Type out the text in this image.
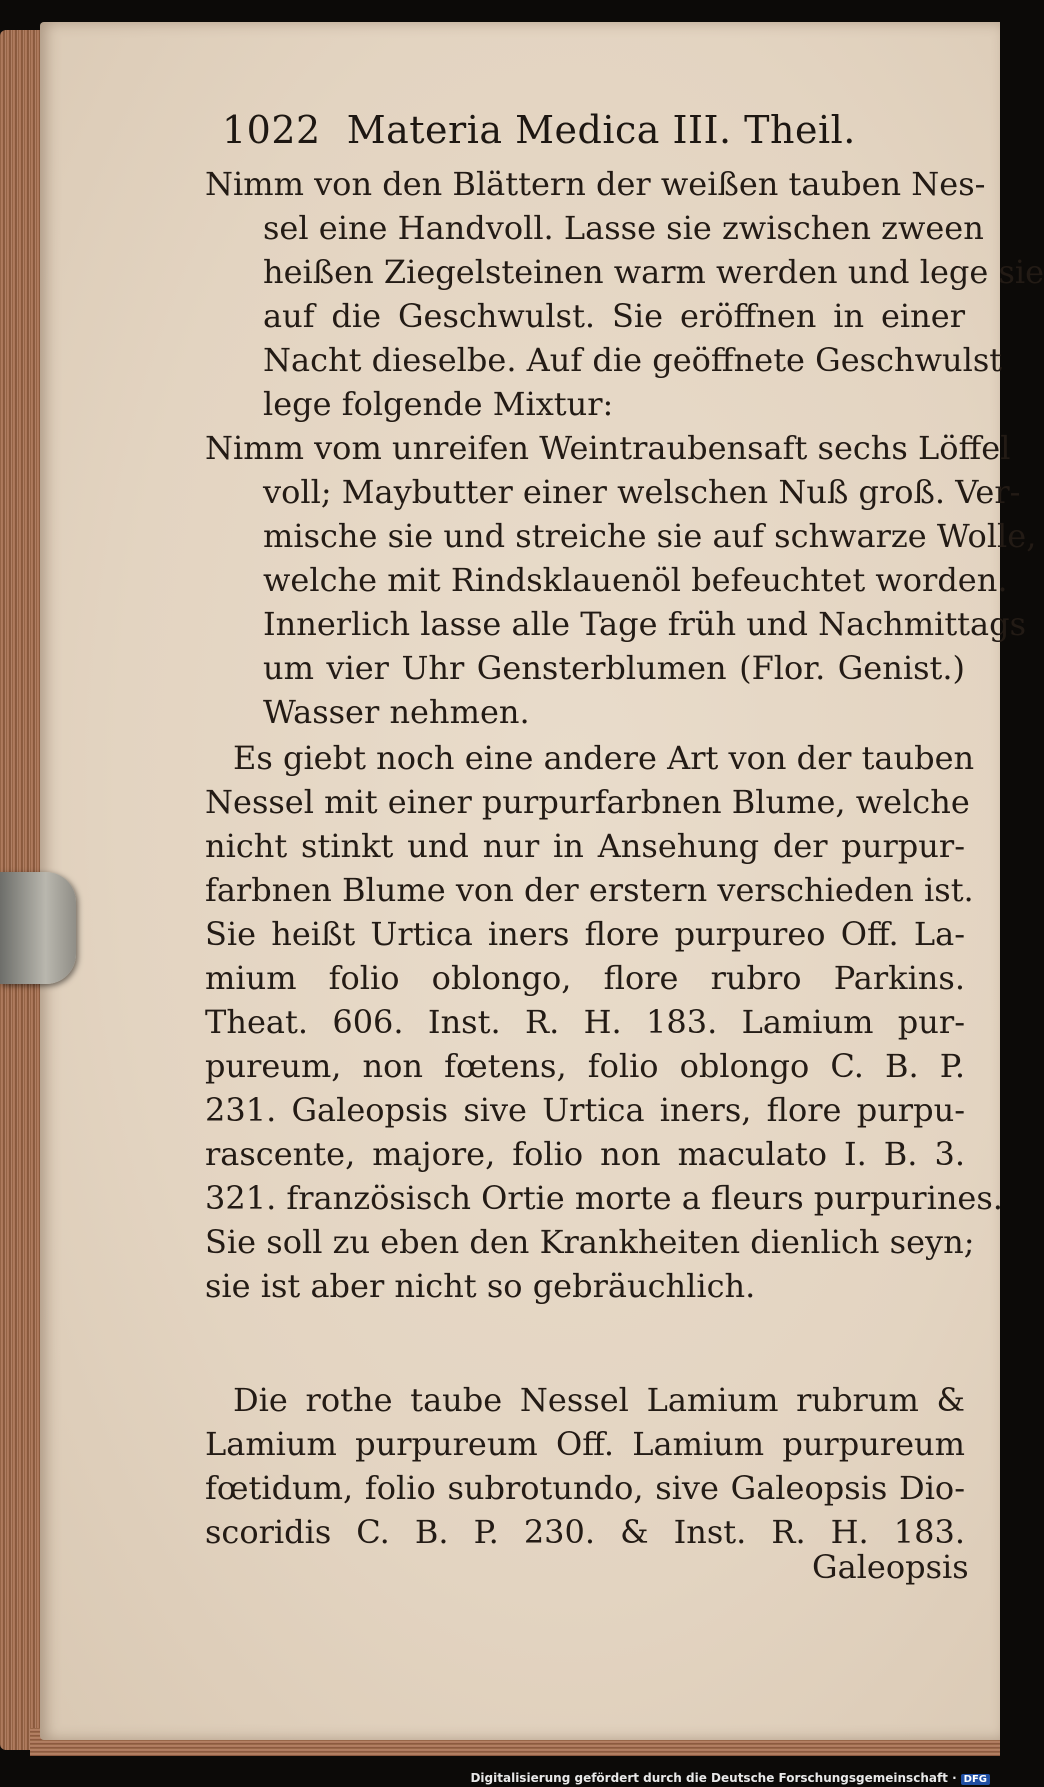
1022 Materia Medica III. Theil.
Nimm von den Blättern der weißen tauben Nes-
sel eine Handvoll. Lasse sie zwischen zween
heißen Ziegelsteinen warm werden und lege sie
auf die Geschwulst. Sie eröffnen in einer
Nacht dieselbe. Auf die geöffnete Geschwulst
lege folgende Mixtur:
Nimm vom unreifen Weintraubensaft sechs Löffel
voll; Maybutter einer welschen Nuß groß. Ver-
mische sie und streiche sie auf schwarze Wolle,
welche mit Rindsklauenöl befeuchtet worden.
Innerlich lasse alle Tage früh und Nachmittags
um vier Uhr Gensterblumen (Flor. Genist.)
Wasser nehmen.
Es giebt noch eine andere Art von der tauben
Nessel mit einer purpurfarbnen Blume, welche
nicht stinkt und nur in Ansehung der purpur-
farbnen Blume von der erstern verschieden ist.
Sie heißt Urtica iners flore purpureo Off. La-
mium folio oblongo, flore rubro Parkins.
Theat. 606. Inst. R. H. 183. Lamium pur-
pureum, non fœtens, folio oblongo C. B. P.
231. Galeopsis sive Urtica iners, flore purpu-
rascente, majore, folio non maculato I. B. 3.
321. französisch Ortie morte a fleurs purpurines.
Sie soll zu eben den Krankheiten dienlich seyn;
sie ist aber nicht so gebräuchlich.
Die rothe taube Nessel Lamium rubrum &
Lamium purpureum Off. Lamium purpureum
fœtidum, folio subrotundo, sive Galeopsis Dio-
scoridis C. B. P. 230. & Inst. R. H. 183.
Galeopsis
Digitalisierung gefördert durch die Deutsche Forschungsgemeinschaft · DFG
